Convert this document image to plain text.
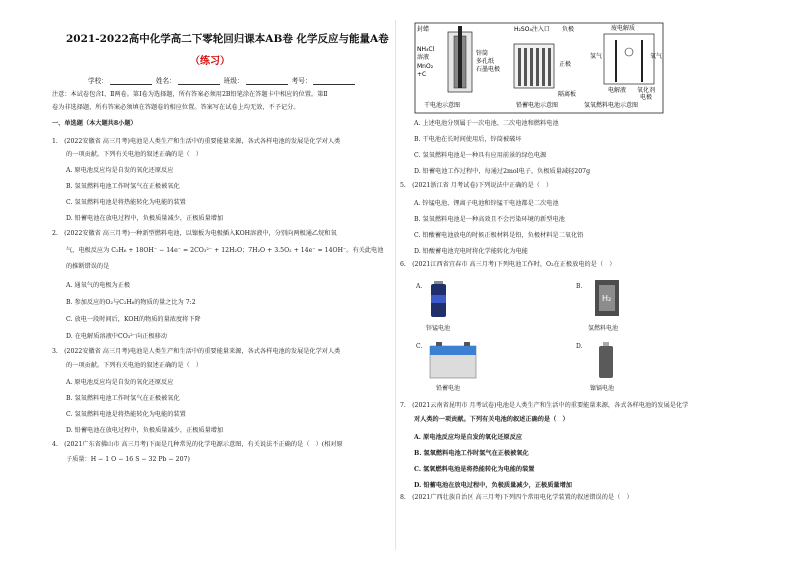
2021-2022高中化学高二下零轮回归课本AB卷 化学反应与能量A卷
（练习）
学校：	姓名：	班级：	考号：
注意：本试卷包含Ⅰ、Ⅱ两卷。第Ⅰ卷为选择题，所有答案必须用2B铅笔涂在答题卡中相应的位置。第Ⅱ
卷为非选择题，所有答案必须填在答题卷的相应位置。答案写在试卷上均无效，不予记分。
一、单选题（本大题共8小题）
1.　(2022安徽省 高三月考)电池是人类生产和生活中的重要能量来源，各式各样电池的发展是化学对人类
的一项贡献。下列有关电池的叙述正确的是（　）
A. 原电池反应均是自发的氧化还原反应
B. 氢氧燃料电池工作时氢气在正极被氧化
C. 氢氧燃料电池是将热能转化为电能的装置
D. 铅蓄电池在放电过程中，负极质量减少，正极质量增加
2.　(2022安徽省 高三月考)一种新型燃料电池，以镍板为电极插入KOH溶液中，分别向两极通乙烷和氧
气，电极反应为 C₂H₆ + 18OH⁻ − 14e⁻ = 2CO₃²⁻ + 12H₂O；7H₂O + 3.5O₂ + 14e⁻ = 14OH⁻。有关此电池
的推断错误的是
A. 通氧气的电极为正极
B. 参加反应的O₂与C₂H₆的物质的量之比为 7:2
C. 放电一段时间后，KOH的物质的量浓度将下降
D. 在电解质溶液中CO₃²⁻向正极移动
3.　(2022安徽省 高三月考)电池是人类生产和生活中的重要能量来源，各式各样电池的发展是化学对人类
的一项贡献。下列有关电池的叙述正确的是（　）
A. 原电池反应均是自发的氧化还原反应
B. 氢氧燃料电池工作时氢气在正极被氧化
C. 氢氧燃料电池是将热能转化为电能的装置
D. 铅蓄电池在放电过程中，负极质量减少，正极质量增加
4.　(2021广东省佛山市 高三月考)下面是几种常见的化学电源示意图，有关说法不正确的是（　）(相对原
子质量：H − 1 O − 16 S − 32 Pb − 207)
封蜡
NH₄Cl
溶液
MnO₂
+C
锌筒
多孔纸
石墨电极
干电池示意图
H₂SO₄注入口 负极
正极
隔离板
铅蓄电池示意图
废电解质
氢气	氧气
电解液 氧化剂
电极
氢氧燃料电池示意图
A. 上述电池分别属于一次电池、二次电池和燃料电池
B. 干电池在长时间使用后，锌筒被破坏
C. 氢氧燃料电池是一种具有应用前景的绿色电源
D. 铅蓄电池工作过程中，每通过2mol电子，负极质量减轻207g
5.　(2021浙江省 月考试卷)下列说法中正确的是（　）
A. 锌锰电池、锂离子电池和锌锰干电池都是二次电池
B. 氢氧燃料电池是一种高效且不会污染环境的新型电池
C. 铅酸蓄电池放电的时候正极材料是铅，负极材料是二氧化铅
D. 铅酸蓄电池充电时将化学能转化为电能
6.　(2021江西省宜春市 高三月考)下列电池工作时，O₂在正极放电的是（　）
A.
锌锰电池
B.
H₂
氢燃料电池
C.
铅蓄电池
D.
镍镉电池
7.　(2021云南省昆明市 月考试卷)电池是人类生产和生活中的重要能量来源，各式各样电池的发展是化学
对人类的一项贡献。下列有关电池的叙述正确的是（　）
A. 原电池反应均是自发的氧化还原反应
B. 氢氧燃料电池工作时氢气在正极被氧化
C. 氢氧燃料电池是将热能转化为电能的装置
D. 铅蓄电池在放电过程中，负极质量减少，正极质量增加
8.　(2021广西壮族自治区 高三月考)下列四个常用电化学装置的叙述错误的是（　）
